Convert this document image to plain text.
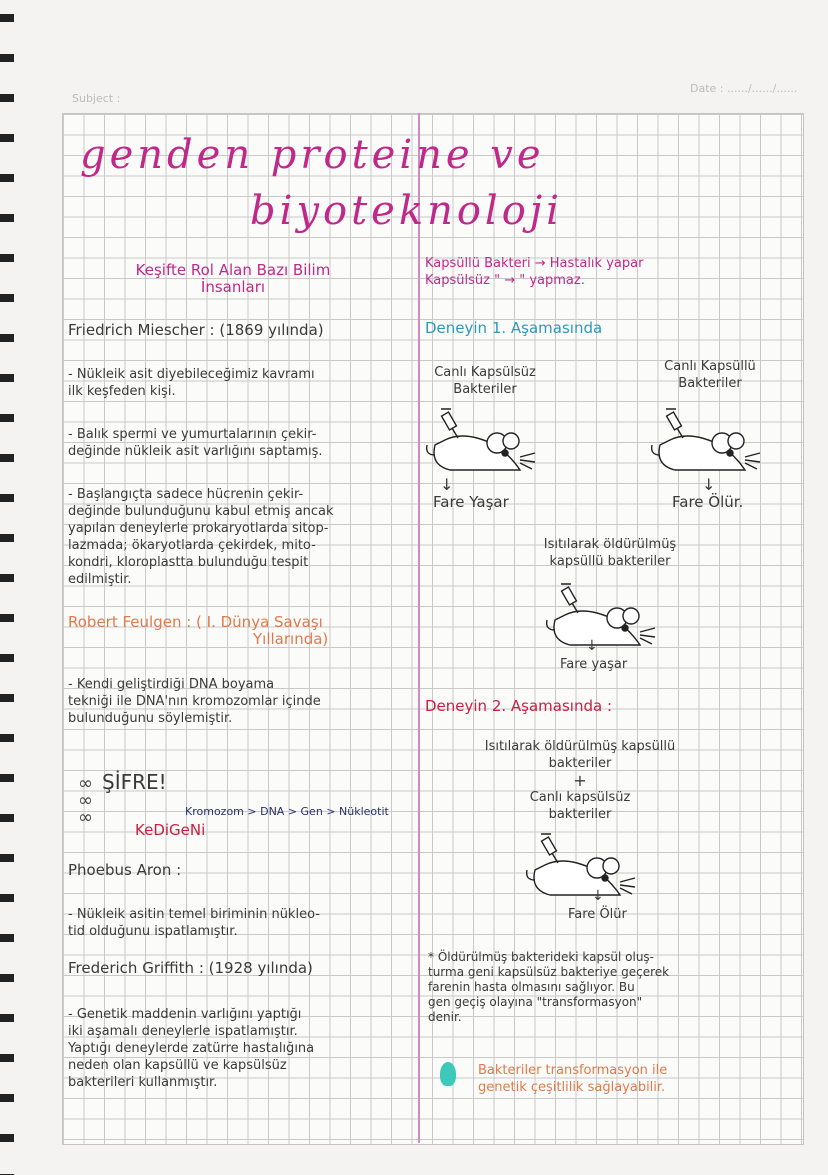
Subject :
Date : ....../....../......
genden proteine ve
biyoteknoloji
Keşifte Rol Alan Bazı Bilim
İnsanları
Friedrich Miescher : (1869 yılında)
- Nükleik asit diyebileceğimiz kavramı
ilk keşfeden kişi.
- Balık spermi ve yumurtalarının çekir-
değinde nükleik asit varlığını saptamış.
- Başlangıçta sadece hücrenin çekir-
değinde bulunduğunu kabul etmiş ancak
yapılan deneylerle prokaryotlarda sitop-
lazmada; ökaryotlarda çekirdek, mito-
kondri, kloroplastta bulunduğu tespit
edilmiştir.
Robert Feulgen : ( I. Dünya Savaşı
Yıllarında)
- Kendi geliştirdiği DNA boyama
tekniği ile DNA'nın kromozomlar içinde
bulunduğunu söylemiştir.
∞
∞
∞
ŞİFRE!
Kromozom > DNA > Gen > Nükleotit
KeDiGeNi
Phoebus Aron :
- Nükleik asitin temel biriminin nükleo-
tid olduğunu ispatlamıştır.
Frederich Griffith : (1928 yılında)
- Genetik maddenin varlığını yaptığı
iki aşamalı deneylerle ispatlamıştır.
Yaptığı deneylerde zatürre hastalığına
neden olan kapsüllü ve kapsülsüz
bakterileri kullanmıştır.
Kapsüllü Bakteri → Hastalık yapar
Kapsülsüz " → " yapmaz.
Deneyin 1. Aşamasında
Canlı Kapsülsüz
Bakteriler
Canlı Kapsüllü
Bakteriler
↓
Fare Yaşar
↓
Fare Ölür.
Isıtılarak öldürülmüş
kapsüllü bakteriler
↓
Fare yaşar
Deneyin 2. Aşamasında :
Isıtılarak öldürülmüş kapsüllü
bakteriler
+
Canlı kapsülsüz
bakteriler
↓
Fare Ölür
* Öldürülmüş bakterideki kapsül oluş-
turma geni kapsülsüz bakteriye geçerek
farenin hasta olmasını sağlıyor. Bu
gen geçiş olayına "transformasyon"
denir.
Bakteriler transformasyon ile
genetik çeşitlilik sağlayabilir.
